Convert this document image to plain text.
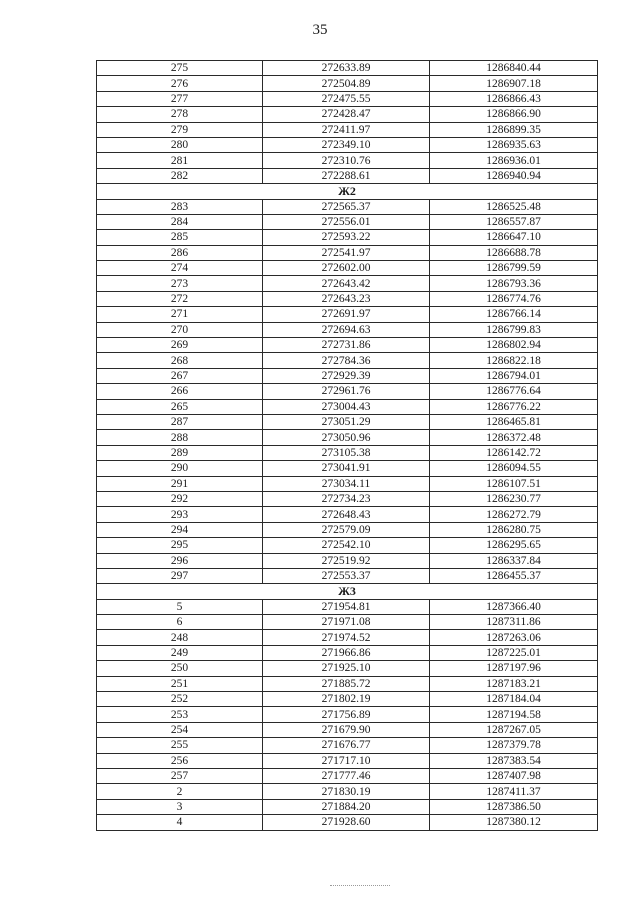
35
275	272633.89	1286840.44
276	272504.89	1286907.18
277	272475.55	1286866.43
278	272428.47	1286866.90
279	272411.97	1286899.35
280	272349.10	1286935.63
281	272310.76	1286936.01
282	272288.61	1286940.94
Ж2		
283	272565.37	1286525.48
284	272556.01	1286557.87
285	272593.22	1286647.10
286	272541.97	1286688.78
274	272602.00	1286799.59
273	272643.42	1286793.36
272	272643.23	1286774.76
271	272691.97	1286766.14
270	272694.63	1286799.83
269	272731.86	1286802.94
268	272784.36	1286822.18
267	272929.39	1286794.01
266	272961.76	1286776.64
265	273004.43	1286776.22
287	273051.29	1286465.81
288	273050.96	1286372.48
289	273105.38	1286142.72
290	273041.91	1286094.55
291	273034.11	1286107.51
292	272734.23	1286230.77
293	272648.43	1286272.79
294	272579.09	1286280.75
295	272542.10	1286295.65
296	272519.92	1286337.84
297	272553.37	1286455.37
Ж3		
5	271954.81	1287366.40
6	271971.08	1287311.86
248	271974.52	1287263.06
249	271966.86	1287225.01
250	271925.10	1287197.96
251	271885.72	1287183.21
252	271802.19	1287184.04
253	271756.89	1287194.58
254	271679.90	1287267.05
255	271676.77	1287379.78
256	271717.10	1287383.54
257	271777.46	1287407.98
2	271830.19	1287411.37
3	271884.20	1287386.50
4	271928.60	1287380.12
